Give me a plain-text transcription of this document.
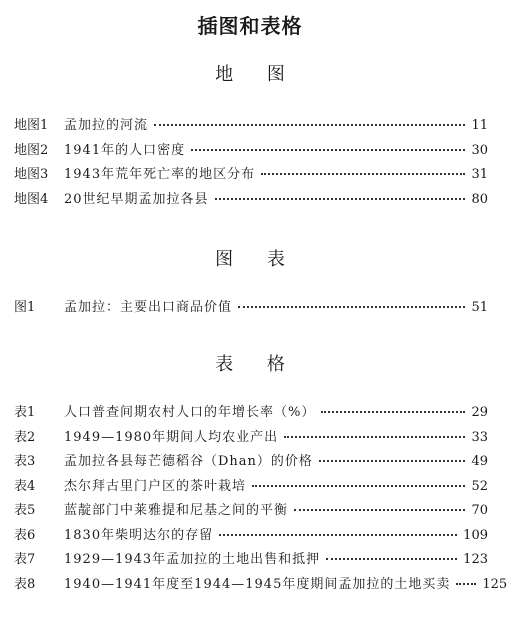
插图和表格
地 图
地图1	孟加拉的河流	11
地图2	1941年的人口密度	30
地图3	1943年荒年死亡率的地区分布	31
地图4	20世纪早期孟加拉各县	80
图 表
图1	孟加拉：主要出口商品价值	51
表 格
表1	人口普查间期农村人口的年增长率（%）	29
表2	1949—1980年期间人均农业产出	33
表3	孟加拉各县每芒德稻谷（Dhan）的价格	49
表4	杰尔拜古里门户区的茶叶栽培	52
表5	蓝靛部门中莱雅提和尼基之间的平衡	70
表6	1830年柴明达尔的存留	109
表7	1929—1943年孟加拉的土地出售和抵押	123
表8	1940—1941年度至1944—1945年度期间孟加拉的土地买卖 125
